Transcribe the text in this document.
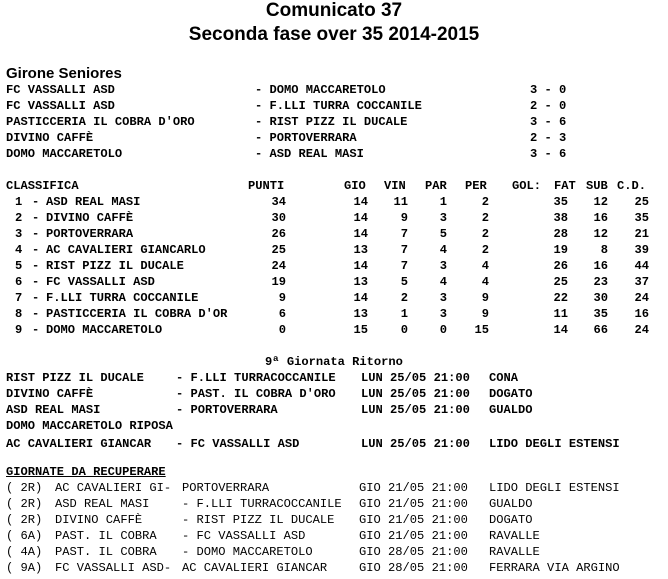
Comunicato 37
Seconda fase over 35 2014-2015
Girone Seniores
FC VASSALLI ASD	- DOMO MACCARETOLO	3 - 0
FC VASSALLI ASD	- F.LLI TURRA COCCANILE	2 - 0
PASTICCERIA IL COBRA D'ORO	- RIST PIZZ IL DUCALE	3 - 6
DIVINO CAFFÈ	- PORTOVERRARA	2 - 3
DOMO MACCARETOLO	- ASD REAL MASI	3 - 6
CLASSIFICA	PUNTI	GIO VIN PAR PER GOL: FAT SUB C.D.
1 - ASD REAL MASI	34	14	11	1	2	35	12	25
2 - DIVINO CAFFÈ	30	14	9	3	2	38	16	35
3 - PORTOVERRARA	26	14	7	5	2	28	12	21
4 - AC CAVALIERI GIANCARLO	25	13	7	4	2	19	8	39
5 - RIST PIZZ IL DUCALE	24	14	7	3	4	26	16	44
6 - FC VASSALLI ASD	19	13	5	4	4	25	23	37
7 - F.LLI TURRA COCCANILE	9	14	2	3	9	22	30	24
8 - PASTICCERIA IL COBRA D'OR	6	13	1	3	9	11	35	16
9 - DOMO MACCARETOLO	0	15	0	0	15	14	66	24
9ª Giornata Ritorno
RIST PIZZ IL DUCALE	- F.LLI TURRACOCCANILE LUN 25/05 21:00 CONA
DIVINO CAFFÈ	- PAST. IL COBRA D'ORO LUN 25/05 21:00 DOGATO
ASD REAL MASI	- PORTOVERRARA	LUN 25/05 21:00 GUALDO
DOMO MACCARETOLO RIPOSA
AC CAVALIERI GIANCAR - FC VASSALLI ASD	LUN 25/05 21:00 LIDO DEGLI ESTENSI
GIORNATE DA RECUPERARE
( 2R) AC CAVALIERI GI- PORTOVERRARA	GIO 21/05 21:00 LIDO DEGLI ESTENSI
( 2R) ASD REAL MASI	- F.LLI TURRACOCCANILE GIO 21/05 21:00 GUALDO
( 2R) DIVINO CAFFÈ	- RIST PIZZ IL DUCALE GIO 21/05 21:00 DOGATO
( 6A) PAST. IL COBRA - FC VASSALLI ASD	GIO 21/05 21:00 RAVALLE
( 4A) PAST. IL COBRA - DOMO MACCARETOLO	GIO 28/05 21:00 RAVALLE
( 9A) FC VASSALLI ASD- AC CAVALIERI GIANCAR	GIO 28/05 21:00 FERRARA VIA ARGINO
